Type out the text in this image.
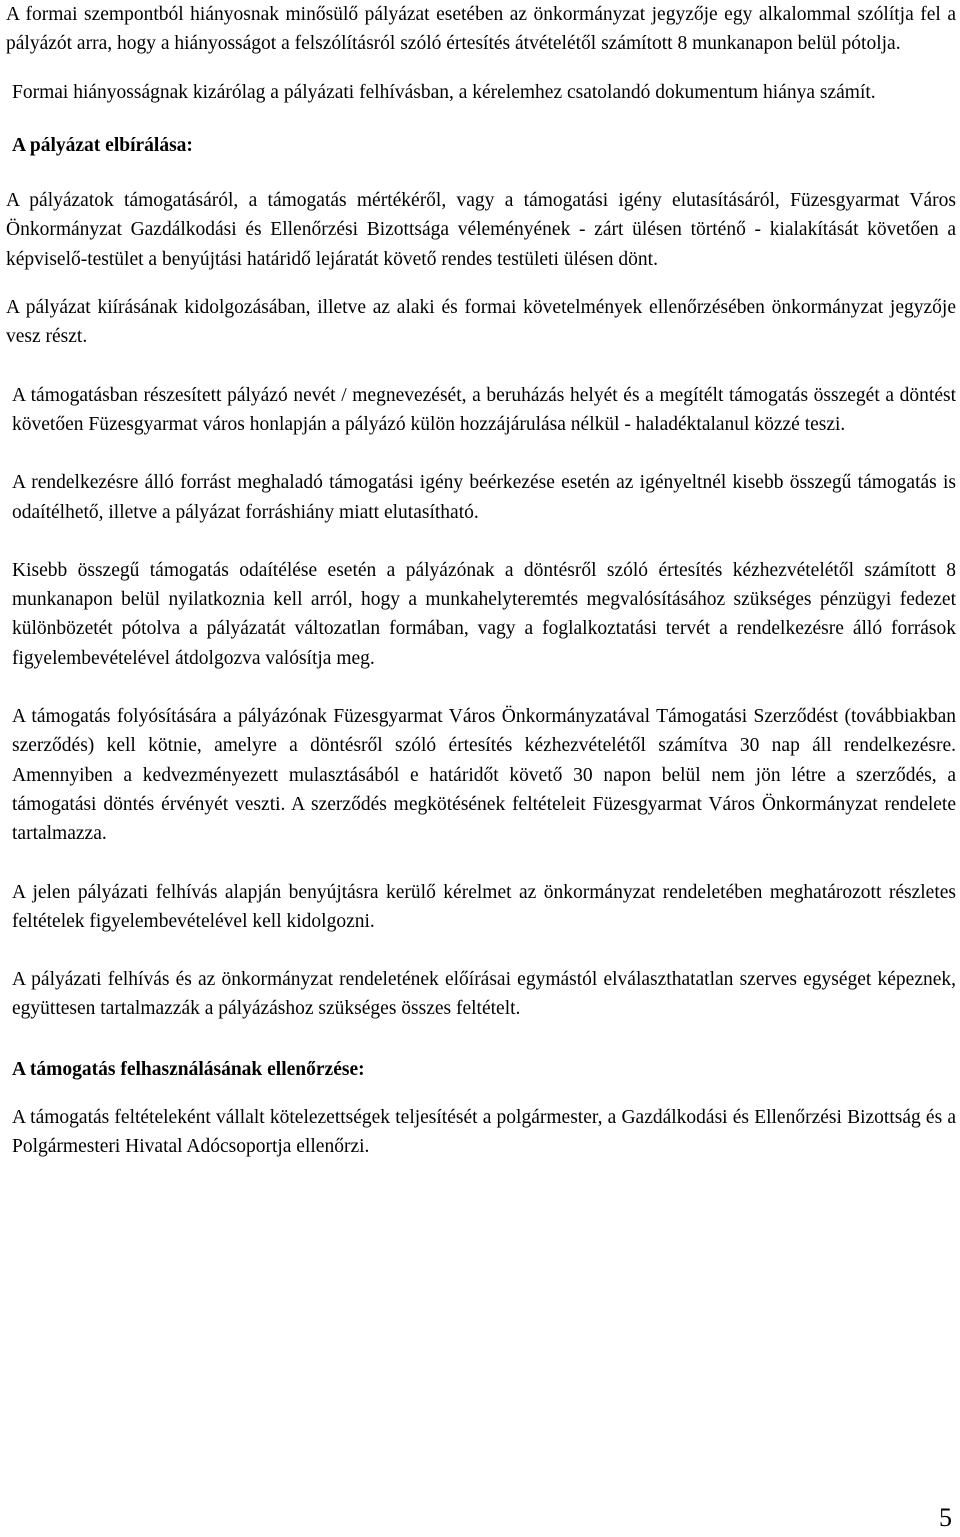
A formai szempontból hiányosnak minősülő pályázat esetében az önkormányzat jegyzője egy alkalommal szólítja fel a pályázót arra, hogy a hiányosságot a felszólításról szóló értesítés átvételétől számított 8 munkanapon belül pótolja.

Formai hiányosságnak kizárólag a pályázati felhívásban, a kérelemhez csatolandó dokumentum hiánya számít.

A pályázat elbírálása:

A pályázatok támogatásáról, a támogatás mértékéről, vagy a támogatási igény elutasításáról, Füzesgyarmat Város Önkormányzat Gazdálkodási és Ellenőrzési Bizottsága véleményének - zárt ülésen történő - kialakítását követően a képviselő-testület a benyújtási határidő lejáratát követő rendes testületi ülésen dönt.

A pályázat kiírásának kidolgozásában, illetve az alaki és formai követelmények ellenőrzésében önkormányzat jegyzője vesz részt.

A támogatásban részesített pályázó nevét / megnevezését, a beruházás helyét és a megítélt támogatás összegét a döntést követően Füzesgyarmat város honlapján a pályázó külön hozzájárulása nélkül - haladéktalanul közzé teszi.

A rendelkezésre álló forrást meghaladó támogatási igény beérkezése esetén az igényeltnél kisebb összegű támogatás is odaítélhető, illetve a pályázat forráshiány miatt elutasítható.

Kisebb összegű támogatás odaítélése esetén a pályázónak a döntésről szóló értesítés kézhezvételétől számított 8 munkanapon belül nyilatkoznia kell arról, hogy a munkahelyteremtés megvalósításához szükséges pénzügyi fedezet különbözetét pótolva a pályázatát változatlan formában, vagy a foglalkoztatási tervét a rendelkezésre álló források figyelembevételével átdolgozva valósítja meg.

A támogatás folyósítására a pályázónak Füzesgyarmat Város Önkormányzatával Támogatási Szerződést (továbbiakban szerződés) kell kötnie, amelyre a döntésről szóló értesítés kézhezvételétől számítva 30 nap áll rendelkezésre. Amennyiben a kedvezményezett mulasztásából e határidőt követő 30 napon belül nem jön létre a szerződés, a támogatási döntés érvényét veszti. A szerződés megkötésének feltételeit Füzesgyarmat Város Önkormányzat rendelete tartalmazza.

A jelen pályázati felhívás alapján benyújtásra kerülő kérelmet az önkormányzat rendeletében meghatározott részletes feltételek figyelembevételével kell kidolgozni.

A pályázati felhívás és az önkormányzat rendeletének előírásai egymástól elválaszthatatlan szerves egységet képeznek, együttesen tartalmazzák a pályázáshoz szükséges összes feltételt.

A támogatás felhasználásának ellenőrzése:

A támogatás feltételeként vállalt kötelezettségek teljesítését a polgármester, a Gazdálkodási és Ellenőrzési Bizottság és a Polgármesteri Hivatal Adócsoportja ellenőrzi.

5
